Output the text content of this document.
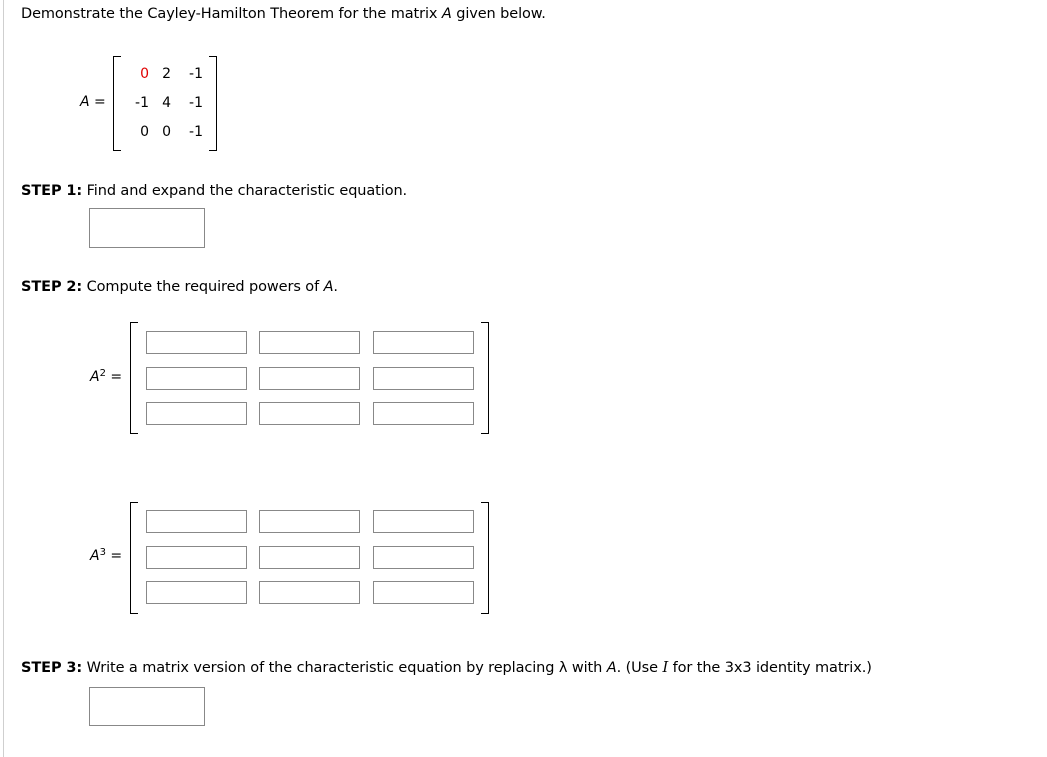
Demonstrate the Cayley-Hamilton Theorem for the matrix A given below.
A =
0 2	-1
-1 4	-1
0 0	-1
STEP 1: Find and expand the characteristic equation.
STEP 2: Compute the required powers of A.
$A^2$ =
$A^3$ =
STEP 3: Write a matrix version of the characteristic equation by replacing λ with A. (Use I for the 3x3 identity matrix.)
